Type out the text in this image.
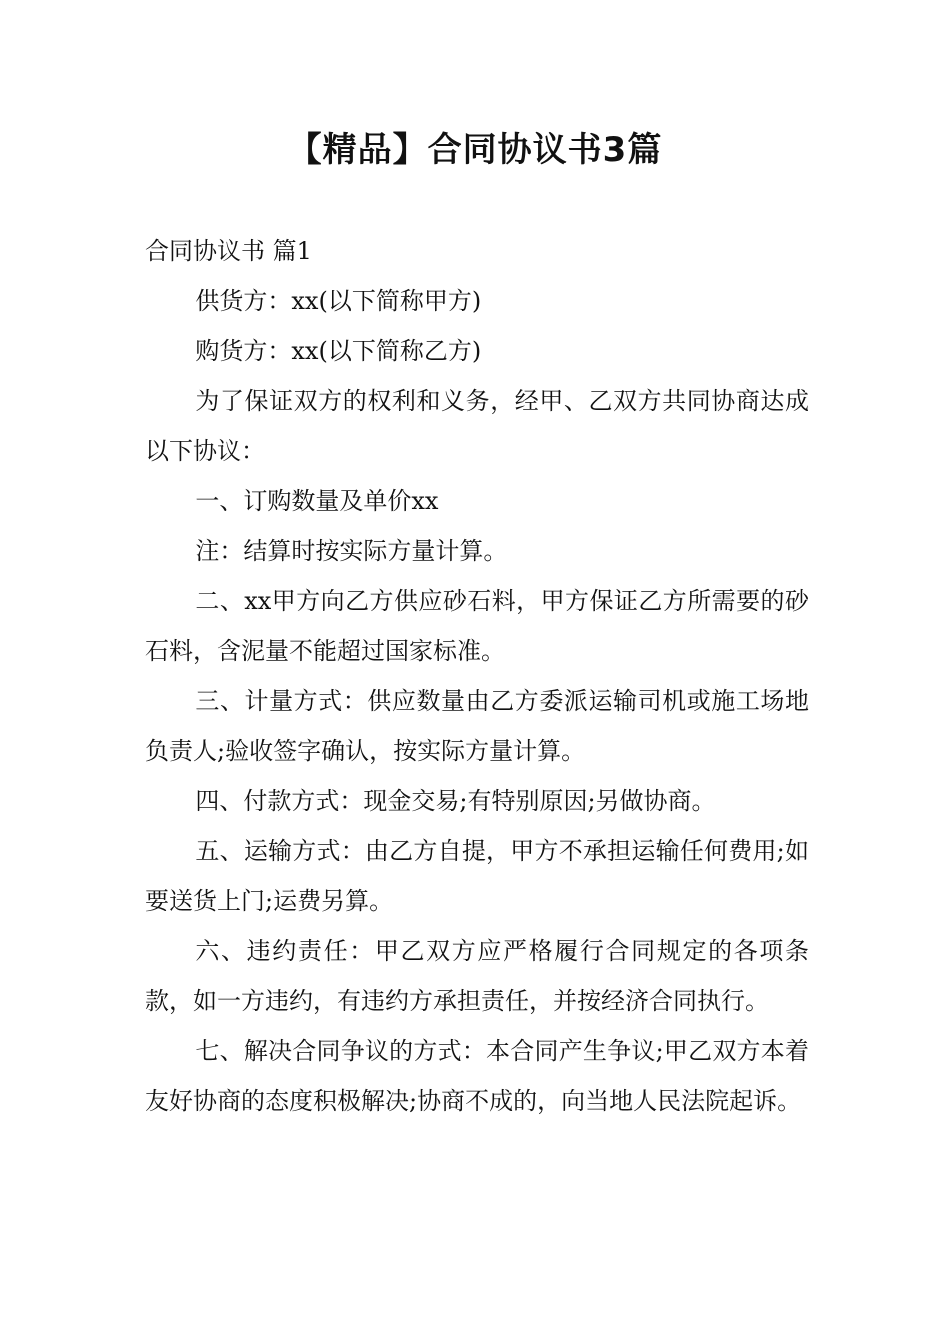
【精品】合同协议书3篇
合同协议书 篇1

供货方：xx(以下简称甲方)

购货方：xx(以下简称乙方)

为了保证双方的权利和义务，经甲、乙双方共同协商达成以下协议：

一、订购数量及单价xx

注：结算时按实际方量计算。

二、xx甲方向乙方供应砂石料，甲方保证乙方所需要的砂石料，含泥量不能超过国家标准。

三、计量方式：供应数量由乙方委派运输司机或施工场地负责人;验收签字确认，按实际方量计算。

四、付款方式：现金交易;有特别原因;另做协商。

五、运输方式：由乙方自提，甲方不承担运输任何费用;如要送货上门;运费另算。

六、违约责任：甲乙双方应严格履行合同规定的各项条款，如一方违约，有违约方承担责任，并按经济合同执行。

七、解决合同争议的方式：本合同产生争议;甲乙双方本着友好协商的态度积极解决;协商不成的，向当地人民法院起诉。
